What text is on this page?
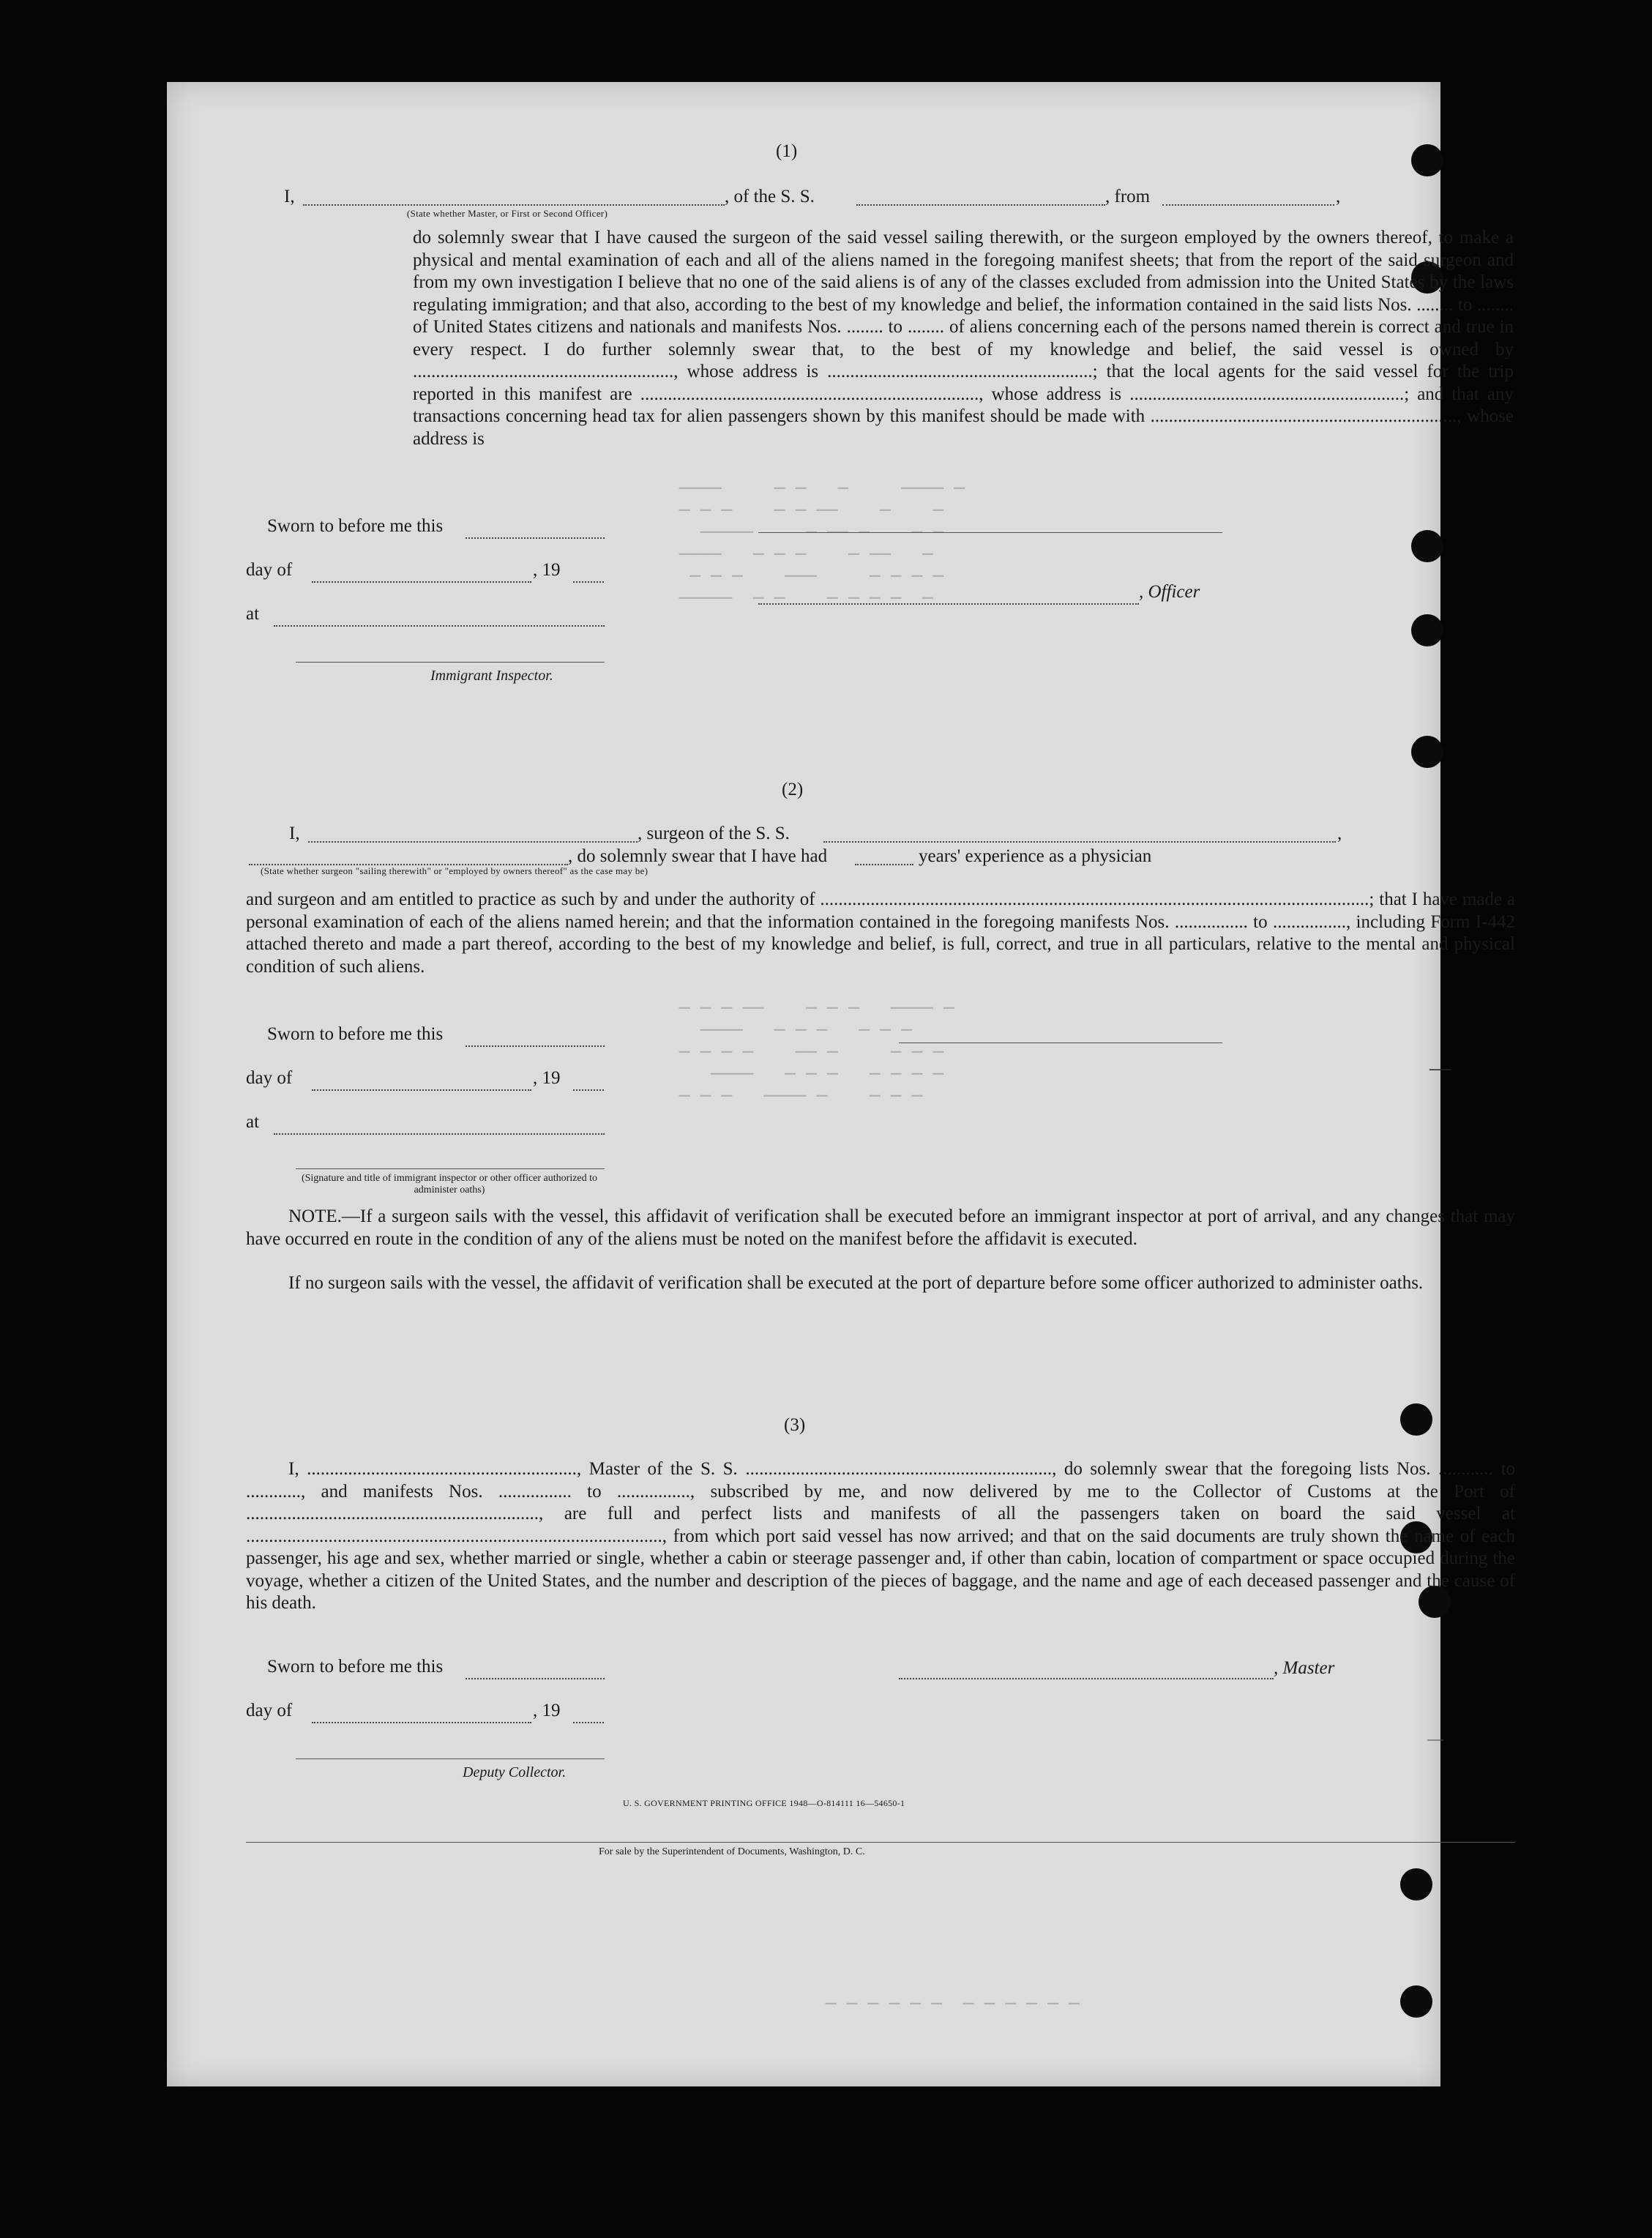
────     ─ ─   ─     ──── ─
─ ─ ─    ─ ─ ──    ─    ─
─────     ─ ── ─    ─ ─
────   ─ ─ ─    ─ ──   ─
─ ─ ─    ───     ─ ─ ─ ─
─────  ─ ─    ─ ─ ─ ─  ─
─ ─ ─ ──    ─ ─ ─   ──── ─
────   ─ ─ ─   ─ ─ ─
─ ─ ─ ─    ── ─     ─ ─ ─
────   ─ ─ ─   ─ ─ ─ ─
─ ─ ─   ──── ─    ─ ─ ─
─ ─ ─ ─ ─ ─  ─ ─ ─ ─ ─ ─
(1)
I,	, of the S. S.	, from	,
(State whether Master, or First or Second Officer)

do solemnly swear that I have caused the surgeon of the said vessel sailing therewith, or the surgeon employed by the owners thereof, to make a physical and mental examination of each and all of the aliens named in the foregoing manifest sheets; that from the report of the said surgeon and from my own investigation I believe that no one of the said aliens is of any of the classes excluded from admission into the United States by the laws regulating immigration; and that also, according to the best of my knowledge and belief, the information contained in the said lists Nos. ........ to ........ of United States citizens and nationals and manifests Nos. ........ to ........ of aliens concerning each of the persons named therein is correct and true in every respect. I do further solemnly swear that, to the best of my knowledge and belief, the said vessel is owned by ........................................................., whose address is ..........................................................; that the local agents for the said vessel for the trip reported in this manifest are .........................................................................., whose address is ............................................................; and that any transactions concerning head tax for alien passengers shown by this manifest should be made with ..................................................................., whose address is

Sworn to before me this
day of	, 19
, Officer
at
Immigrant Inspector.
(2)
I,	, surgeon of the S. S.	,
, do solemnly swear that I have had	years' experience as a physician
(State whether surgeon "sailing therewith" or "employed by owners thereof" as the case may be)

and surgeon and am entitled to practice as such by and under the authority of ........................................................................................................................; that I have made a personal examination of each of the aliens named herein; and that the information contained in the foregoing manifests Nos. ................ to ................, including Form I-442 attached thereto and made a part thereof, according to the best of my knowledge and belief, is full, correct, and true in all particulars, relative to the mental and physical condition of such aliens.

Sworn to before me this
day of	, 19
at
(Signature and title of immigrant inspector or other officer authorized to administer oaths)

NOTE.—If a surgeon sails with the vessel, this affidavit of verification shall be executed before an immigrant inspector at port of arrival, and any changes that may have occurred en route in the condition of any of the aliens must be noted on the manifest before the affidavit is executed.

If no surgeon sails with the vessel, the affidavit of verification shall be executed at the port of departure before some officer authorized to administer oaths.

(3)

I, ..........................................................., Master of the S. S. ..................................................................., do solemnly swear that the foregoing lists Nos. ............ to ............, and manifests Nos. ................ to ................, subscribed by me, and now delivered by me to the Collector of Customs at the Port of ................................................................, are full and perfect lists and manifests of all the passengers taken on board the said vessel at ..........................................................................................., from which port said vessel has now arrived; and that on the said documents are truly shown the name of each passenger, his age and sex, whether married or single, whether a cabin or steerage passenger and, if other than cabin, location of compartment or space occupied during the voyage, whether a citizen of the United States, and the number and description of the pieces of baggage, and the name and age of each deceased passenger and the cause of his death.

Sworn to before me this	, Master
day of	, 19
Deputy Collector.
U. S. GOVERNMENT PRINTING OFFICE 1948—O-814111 16—54650-1
For sale by the Superintendent of Documents, Washington, D. C.
—
—
